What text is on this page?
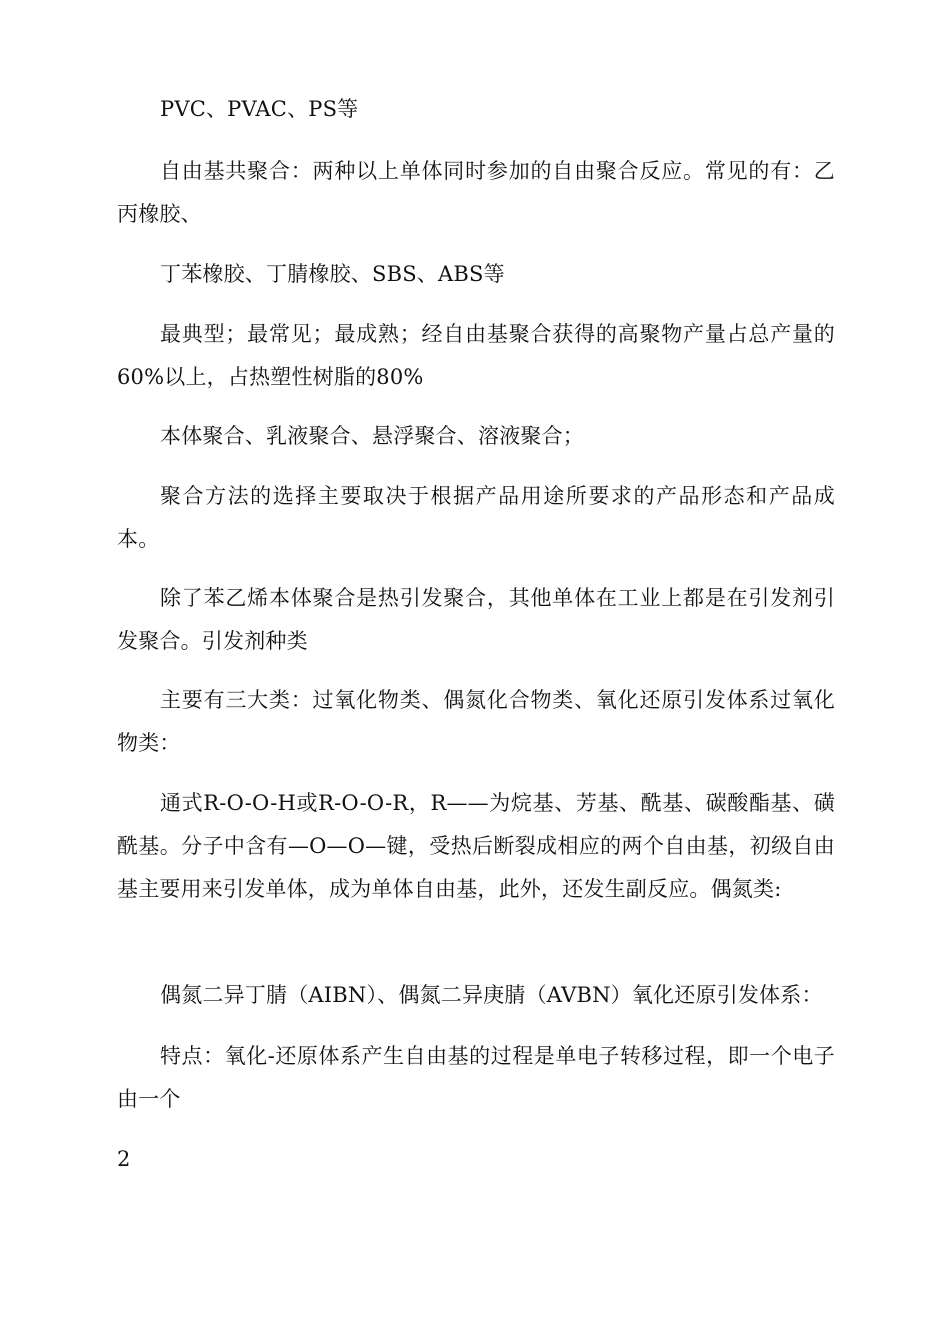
PVC、PVAC、PS等

自由基共聚合：两种以上单体同时参加的自由聚合反应。常见的有：乙丙橡胶、

丁苯橡胶、丁腈橡胶、SBS、ABS等

最典型；最常见；最成熟；经自由基聚合获得的高聚物产量占总产量的60%以上，占热塑性树脂的80%

本体聚合、乳液聚合、悬浮聚合、溶液聚合；

聚合方法的选择主要取决于根据产品用途所要求的产品形态和产品成本。

除了苯乙烯本体聚合是热引发聚合，其他单体在工业上都是在引发剂引发聚合。引发剂种类

主要有三大类：过氧化物类、偶氮化合物类、氧化还原引发体系过氧化物类：

通式R-O-O-H或R-O-O-R，R——为烷基、芳基、酰基、碳酸酯基、磺酰基。分子中含有—O—O—键，受热后断裂成相应的两个自由基，初级自由基主要用来引发单体，成为单体自由基，此外，还发生副反应。偶氮类:

偶氮二异丁腈（AIBN）、偶氮二异庚腈（AVBN）氧化还原引发体系：

特点：氧化-还原体系产生自由基的过程是单电子转移过程，即一个电子由一个

2
